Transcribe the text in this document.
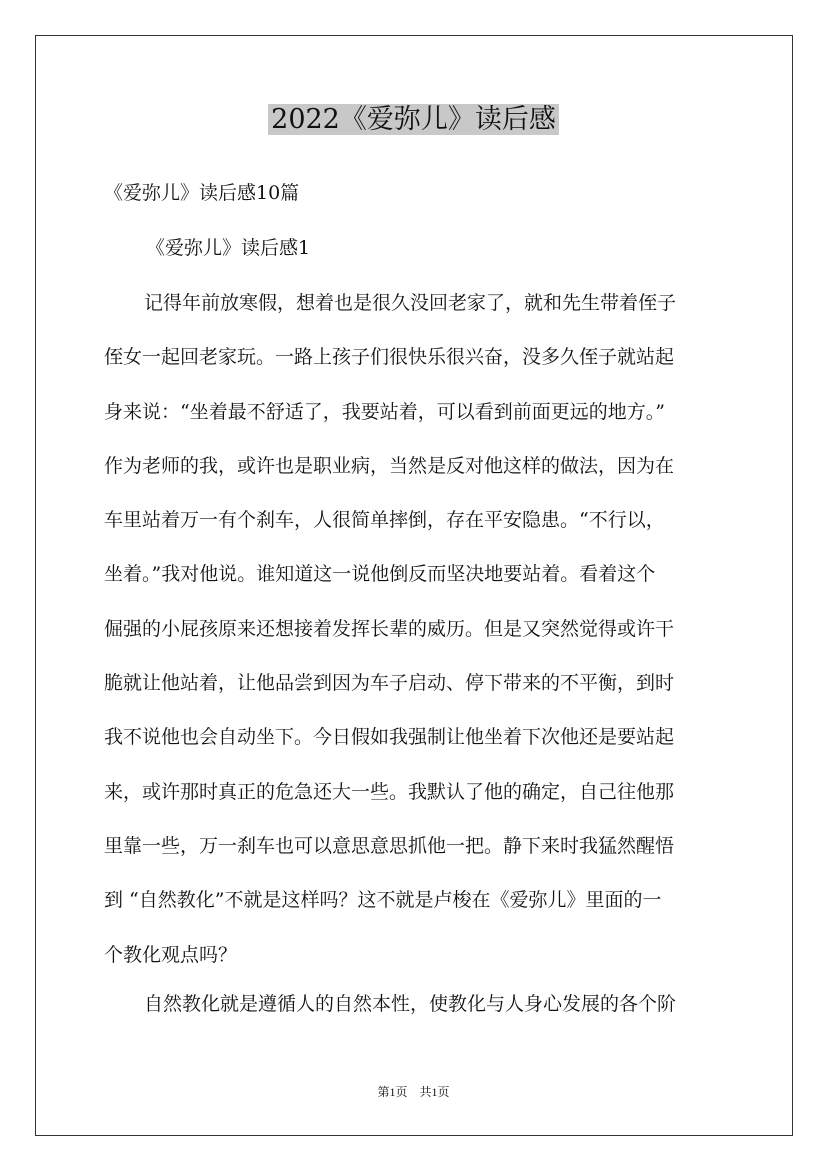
2022《爱弥儿》读后感
《爱弥儿》读后感10篇
《爱弥儿》读后感1
记得年前放寒假，想着也是很久没回老家了，就和先生带着侄子
侄女一起回老家玩。一路上孩子们很快乐很兴奋，没多久侄子就站起
身来说：“坐着最不舒适了，我要站着，可以看到前面更远的地方。”
作为老师的我，或许也是职业病，当然是反对他这样的做法，因为在
车里站着万一有个刹车，人很简单摔倒，存在平安隐患。“不行以，
坐着。”我对他说。谁知道这一说他倒反而坚决地要站着。看着这个
倔强的小屁孩原来还想接着发挥长辈的威历。但是又突然觉得或许干
脆就让他站着，让他品尝到因为车子启动、停下带来的不平衡，到时
我不说他也会自动坐下。今日假如我强制让他坐着下次他还是要站起
来，或许那时真正的危急还大一些。我默认了他的确定，自己往他那
里靠一些，万一刹车也可以意思意思抓他一把。静下来时我猛然醒悟
到 “自然教化”不就是这样吗？这不就是卢梭在《爱弥儿》里面的一
个教化观点吗？
自然教化就是遵循人的自然本性，使教化与人身心发展的各个阶
第1页　共1页
